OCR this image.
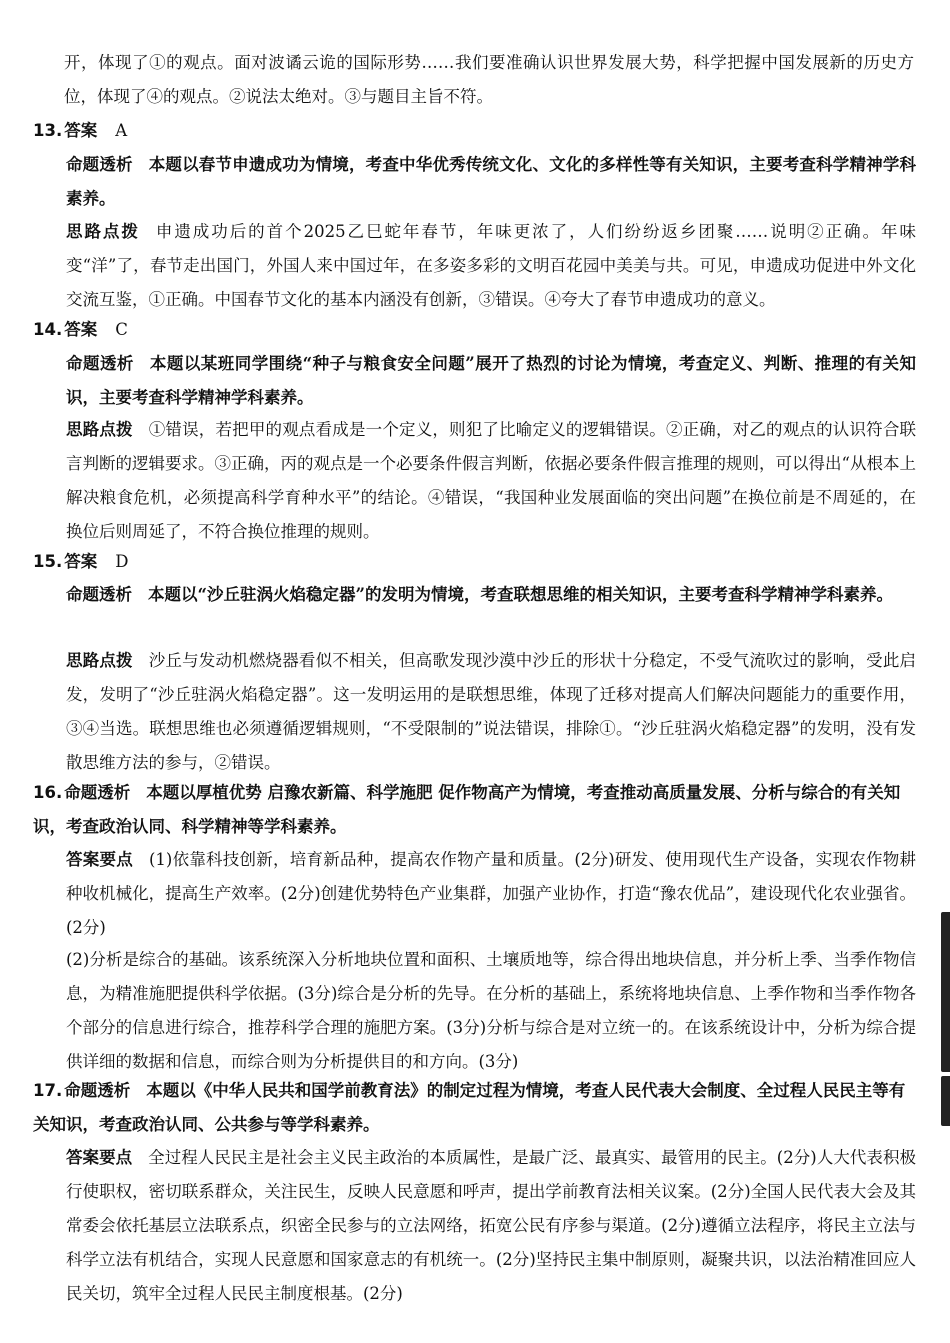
开，体现了①的观点。面对波谲云诡的国际形势……我们要准确认识世界发展大势，科学把握中国发展新的历史方位，体现了④的观点。②说法太绝对。③与题目主旨不符。

13. 答案 A

命题透析 本题以春节申遗成功为情境，考查中华优秀传统文化、文化的多样性等有关知识，主要考查科学精神学科素养。

思路点拨 申遗成功后的首个2025乙巳蛇年春节，年味更浓了，人们纷纷返乡团聚……说明②正确。年味变“洋”了，春节走出国门，外国人来中国过年，在多姿多彩的文明百花园中美美与共。可见，申遗成功促进中外文化交流互鉴，①正确。中国春节文化的基本内涵没有创新，③错误。④夸大了春节申遗成功的意义。

14. 答案 C

命题透析 本题以某班同学围绕“种子与粮食安全问题”展开了热烈的讨论为情境，考查定义、判断、推理的有关知识，主要考查科学精神学科素养。

思路点拨 ①错误，若把甲的观点看成是一个定义，则犯了比喻定义的逻辑错误。②正确，对乙的观点的认识符合联言判断的逻辑要求。③正确，丙的观点是一个必要条件假言判断，依据必要条件假言推理的规则，可以得出“从根本上解决粮食危机，必须提高科学育种水平”的结论。④错误，“我国种业发展面临的突出问题”在换位前是不周延的，在换位后则周延了，不符合换位推理的规则。

15. 答案 D

命题透析 本题以“沙丘驻涡火焰稳定器”的发明为情境，考查联想思维的相关知识，主要考查科学精神学科素养。

思路点拨 沙丘与发动机燃烧器看似不相关，但高歌发现沙漠中沙丘的形状十分稳定，不受气流吹过的影响，受此启发，发明了“沙丘驻涡火焰稳定器”。这一发明运用的是联想思维，体现了迁移对提高人们解决问题能力的重要作用，③④当选。联想思维也必须遵循逻辑规则，“不受限制的”说法错误，排除①。“沙丘驻涡火焰稳定器”的发明，没有发散思维方法的参与，②错误。

16. 命题透析 本题以厚植优势 启豫农新篇、科学施肥 促作物高产为情境，考查推动高质量发展、分析与综合的有关知识，考查政治认同、科学精神等学科素养。

答案要点 (1)依靠科技创新，培育新品种，提高农作物产量和质量。(2分)研发、使用现代生产设备，实现农作物耕种收机械化，提高生产效率。(2分)创建优势特色产业集群，加强产业协作，打造“豫农优品”，建设现代化农业强省。(2分)

(2)分析是综合的基础。该系统深入分析地块位置和面积、土壤质地等，综合得出地块信息，并分析上季、当季作物信息，为精准施肥提供科学依据。(3分)综合是分析的先导。在分析的基础上，系统将地块信息、上季作物和当季作物各个部分的信息进行综合，推荐科学合理的施肥方案。(3分)分析与综合是对立统一的。在该系统设计中，分析为综合提供详细的数据和信息，而综合则为分析提供目的和方向。(3分)

17. 命题透析 本题以《中华人民共和国学前教育法》的制定过程为情境，考查人民代表大会制度、全过程人民民主等有关知识，考查政治认同、公共参与等学科素养。

答案要点 全过程人民民主是社会主义民主政治的本质属性，是最广泛、最真实、最管用的民主。(2分)人大代表积极行使职权，密切联系群众，关注民生，反映人民意愿和呼声，提出学前教育法相关议案。(2分)全国人民代表大会及其常委会依托基层立法联系点，织密全民参与的立法网络，拓宽公民有序参与渠道。(2分)遵循立法程序，将民主立法与科学立法有机结合，实现人民意愿和国家意志的有机统一。(2分)坚持民主集中制原则，凝聚共识，以法治精准回应人民关切，筑牢全过程人民民主制度根基。(2分)
